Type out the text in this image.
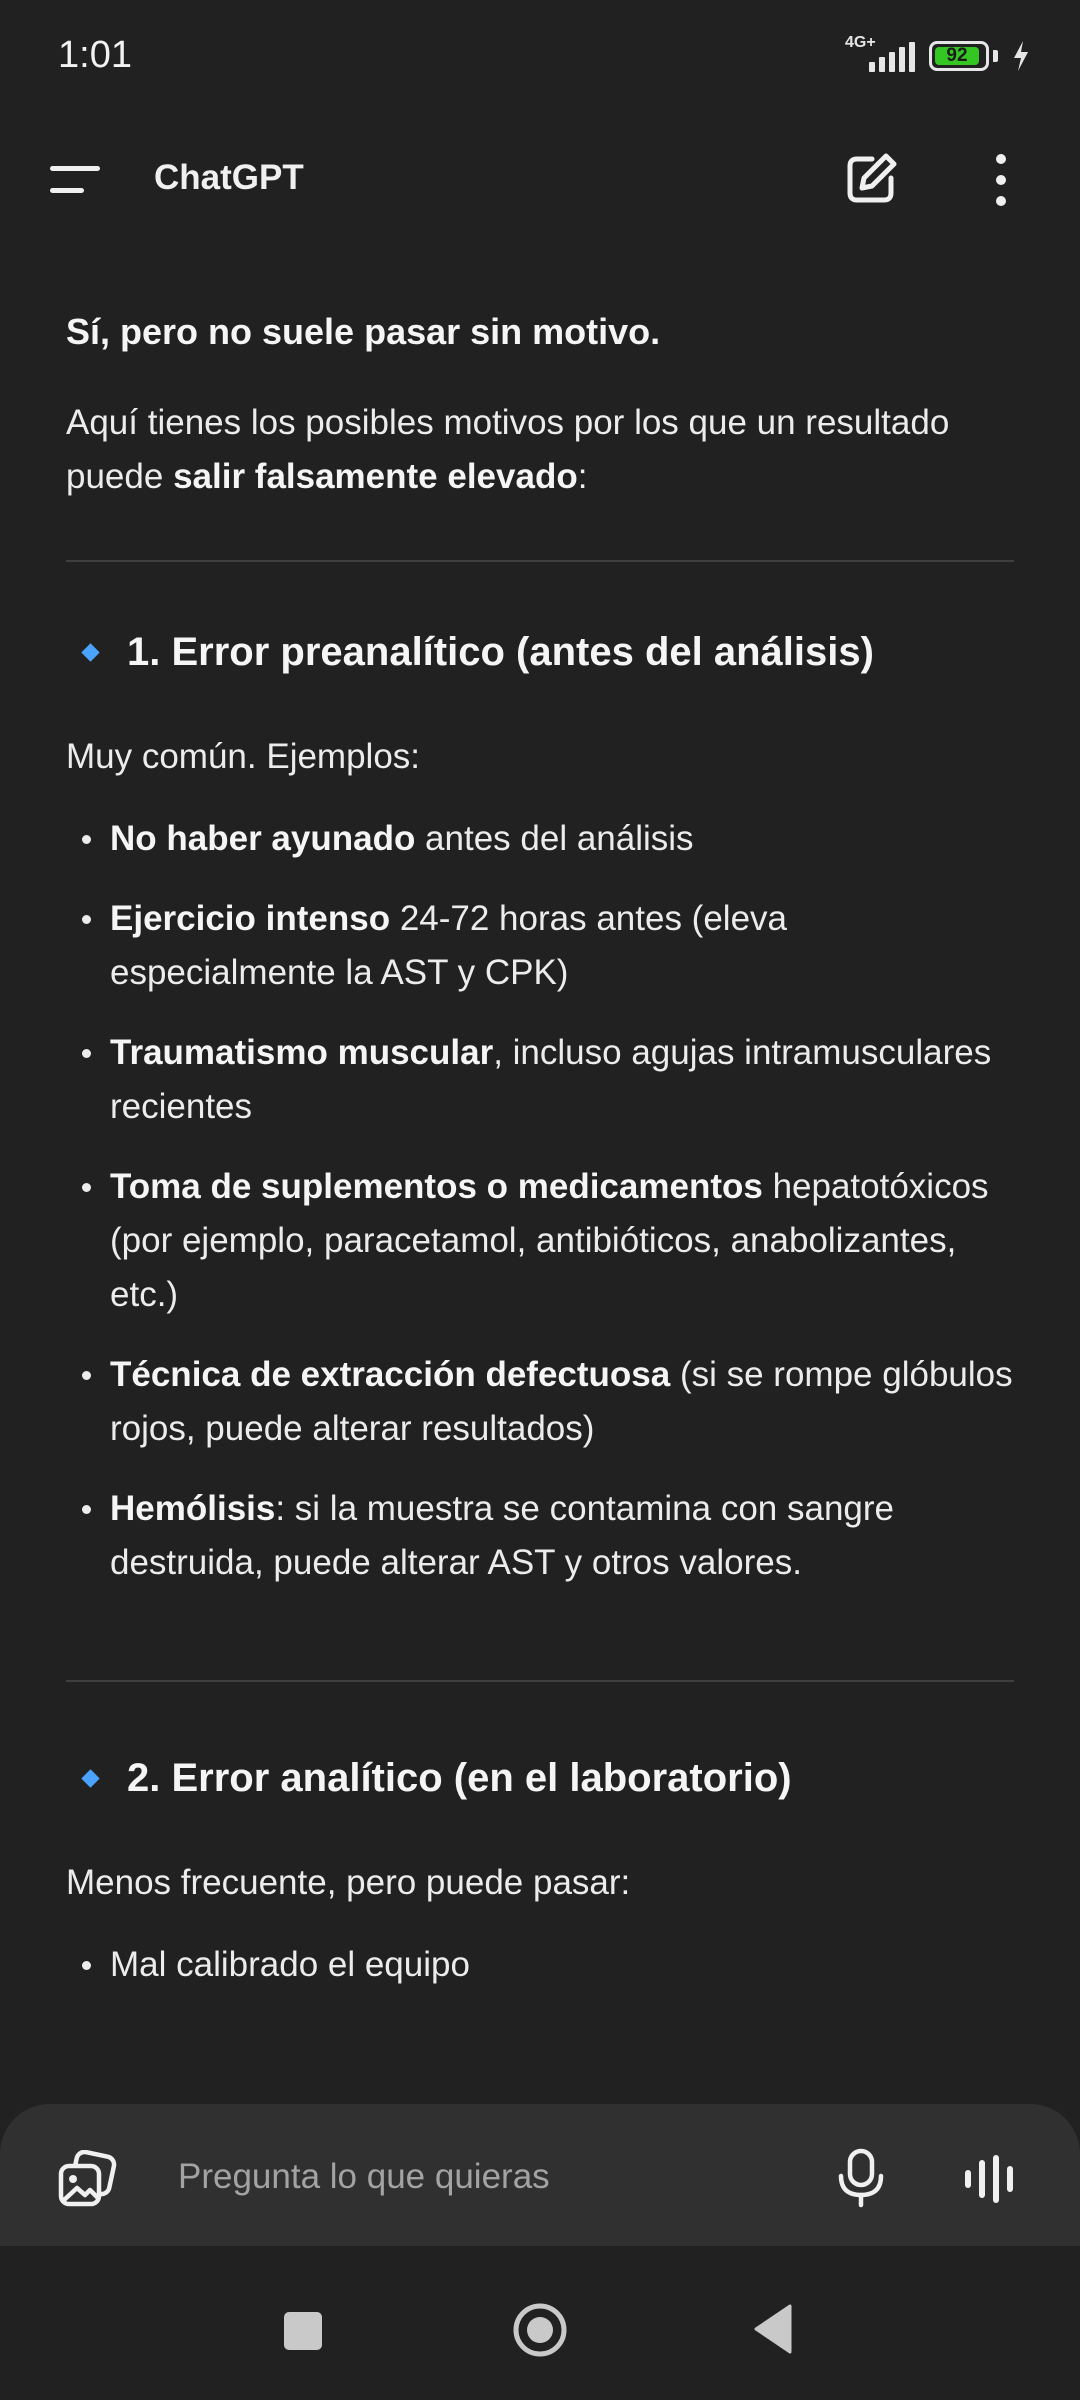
1:01	4G+
92
ChatGPT
Sí, pero no suele pasar sin motivo.
Aquí tienes los posibles motivos por los que un resultado puede salir falsamente elevado:
1. Error preanalítico (antes del análisis)
Muy común. Ejemplos:
No haber ayunado antes del análisis
Ejercicio intenso 24-72 horas antes (eleva especialmente la AST y CPK)
Traumatismo muscular, incluso agujas intramusculares recientes
Toma de suplementos o medicamentos hepatotóxicos (por ejemplo, paracetamol, antibióticos, anabolizantes, etc.)
Técnica de extracción defectuosa (si se rompe glóbulos rojos, puede alterar resultados)
Hemólisis: si la muestra se contamina con sangre destruida, puede alterar AST y otros valores.
2. Error analítico (en el laboratorio)
Menos frecuente, pero puede pasar:
Mal calibrado el equipo
Pregunta lo que quieras
